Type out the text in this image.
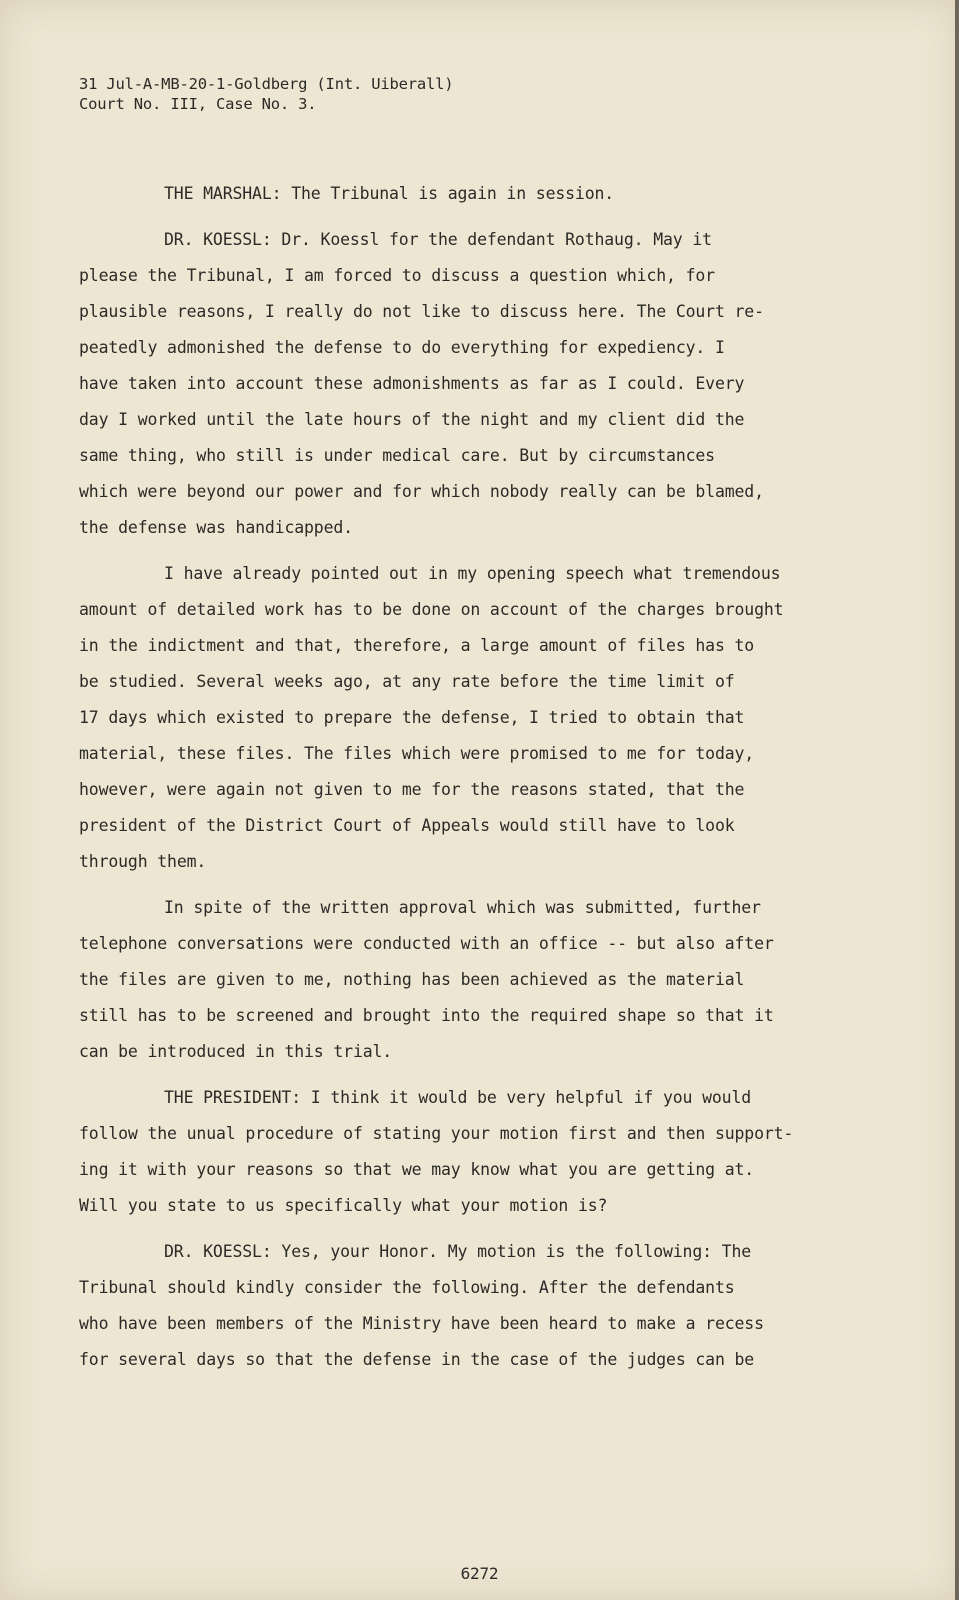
31 Jul-A-MB-20-1-Goldberg (Int. Uiberall)
Court No. III, Case No. 3.
THE MARSHAL: The Tribunal is again in session.
DR. KOESSL: Dr. Koessl for the defendant Rothaug. May it
please the Tribunal, I am forced to discuss a question which, for
plausible reasons, I really do not like to discuss here. The Court re-
peatedly admonished the defense to do everything for expediency. I
have taken into account these admonishments as far as I could. Every
day I worked until the late hours of the night and my client did the
same thing, who still is under medical care. But by circumstances
which were beyond our power and for which nobody really can be blamed,
the defense was handicapped.
I have already pointed out in my opening speech what tremendous
amount of detailed work has to be done on account of the charges brought
in the indictment and that, therefore, a large amount of files has to
be studied. Several weeks ago, at any rate before the time limit of
17 days which existed to prepare the defense, I tried to obtain that
material, these files. The files which were promised to me for today,
however, were again not given to me for the reasons stated, that the
president of the District Court of Appeals would still have to look
through them.
In spite of the written approval which was submitted, further
telephone conversations were conducted with an office -- but also after
the files are given to me, nothing has been achieved as the material
still has to be screened and brought into the required shape so that it
can be introduced in this trial.
THE PRESIDENT: I think it would be very helpful if you would
follow the unual procedure of stating your motion first and then support-
ing it with your reasons so that we may know what you are getting at.
Will you state to us specifically what your motion is?
DR. KOESSL: Yes, your Honor. My motion is the following: The
Tribunal should kindly consider the following. After the defendants
who have been members of the Ministry have been heard to make a recess
for several days so that the defense in the case of the judges can be
6272
